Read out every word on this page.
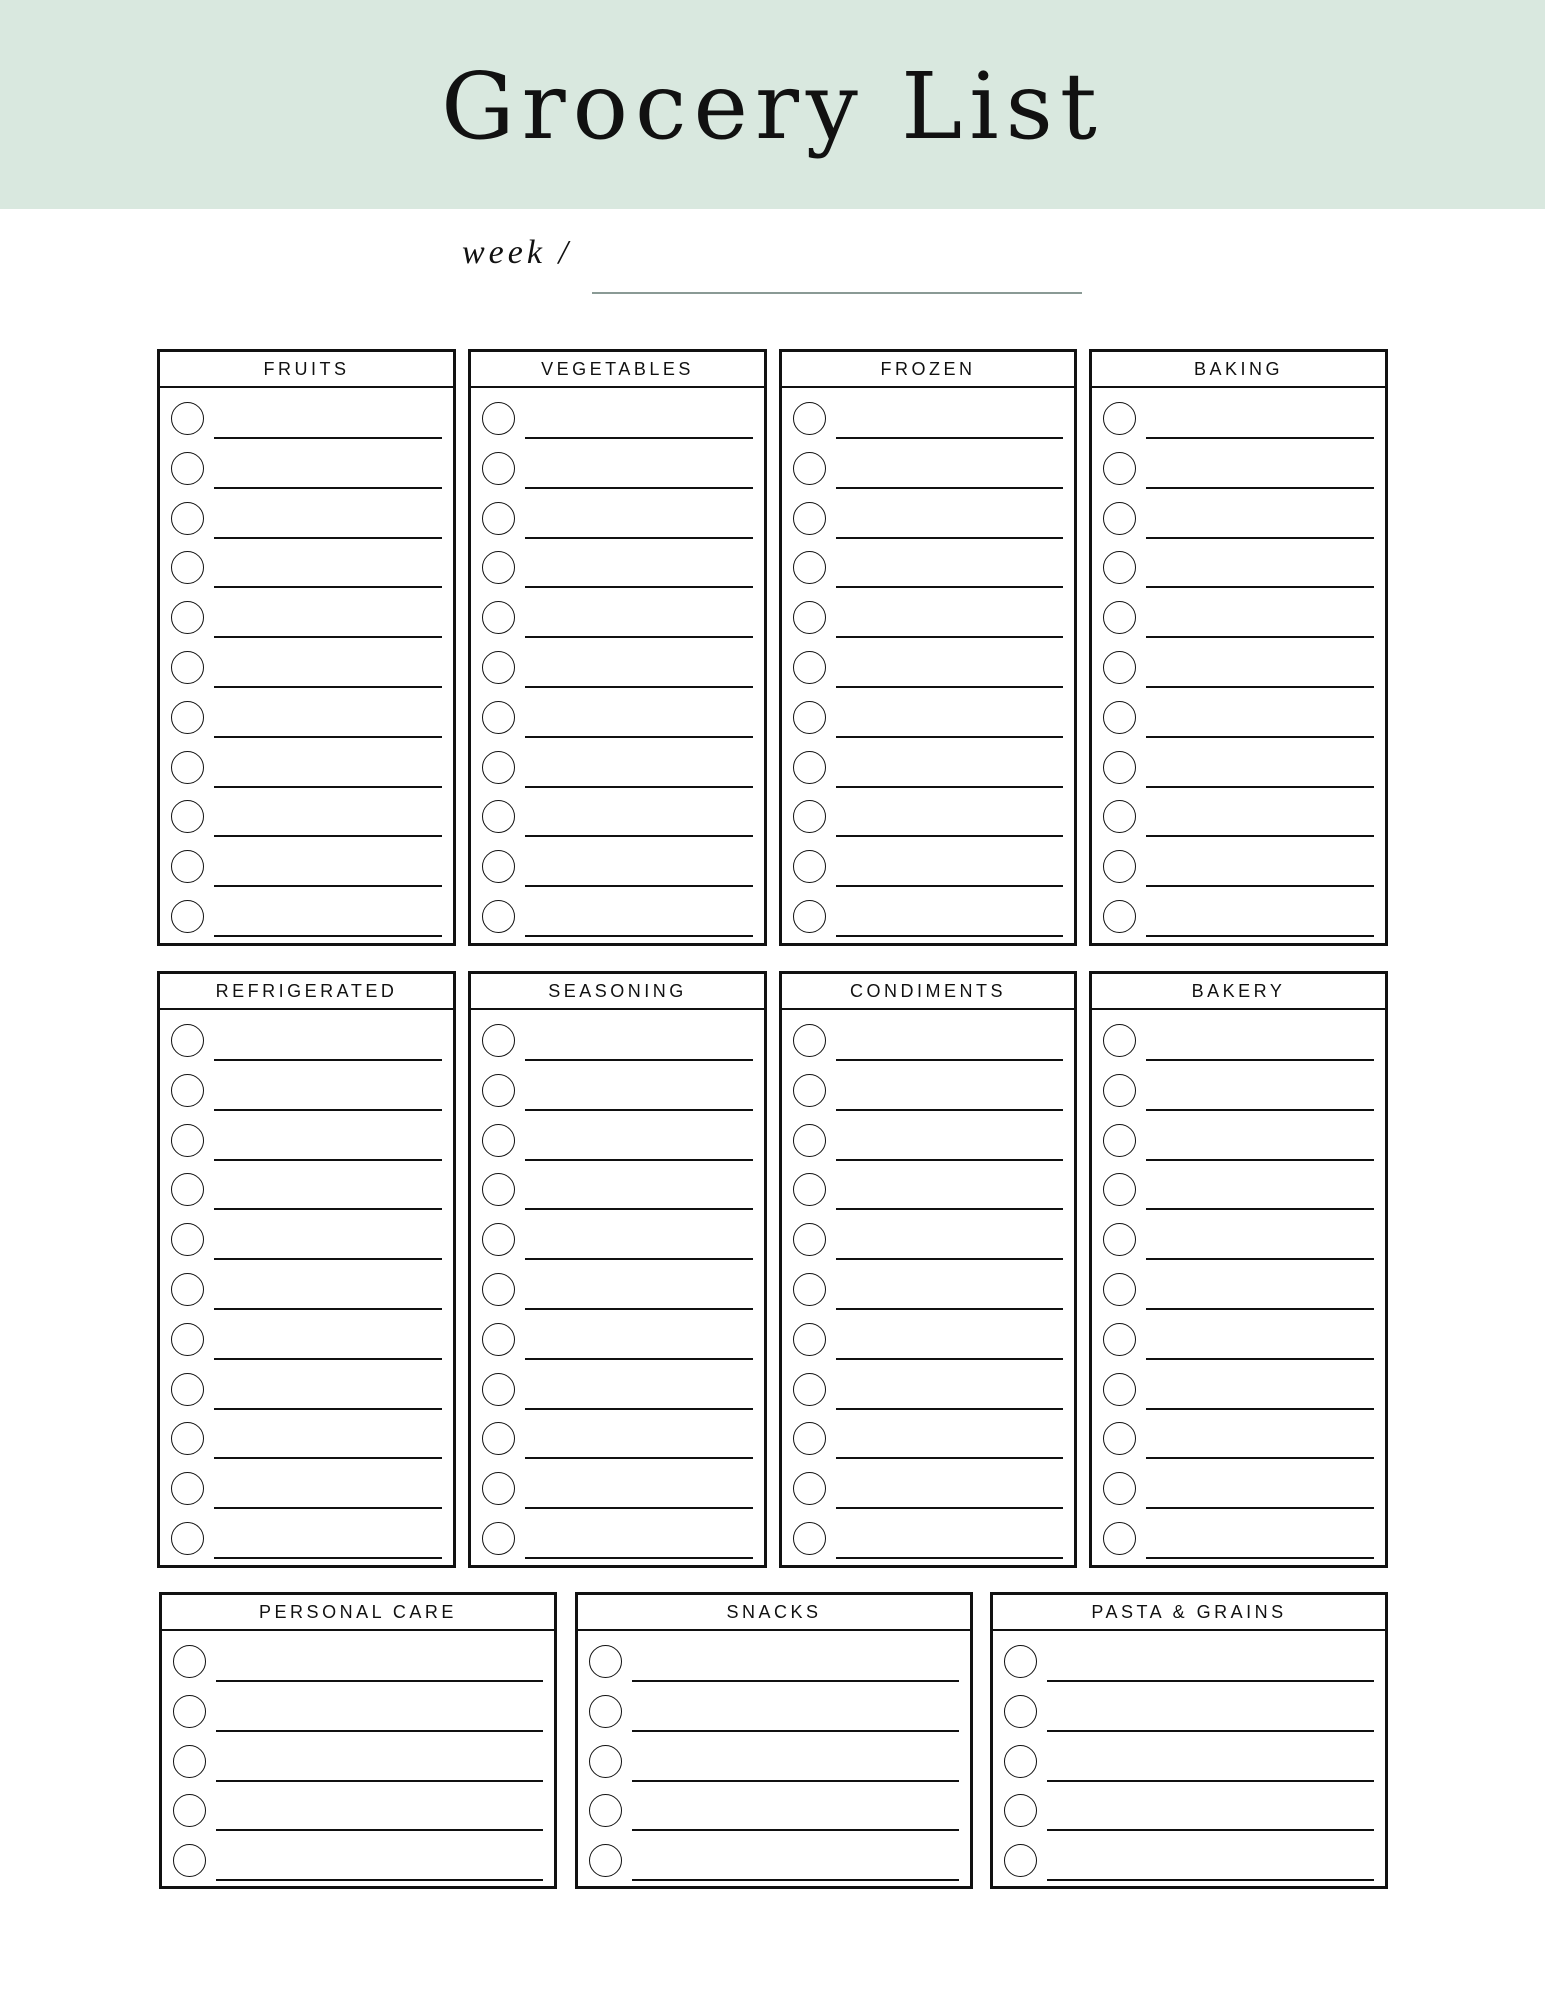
Grocery List
week /
FRUITS	VEGETABLES	FROZEN	BAKING
REFRIGERATED	SEASONING	CONDIMENTS	BAKERY
PERSONAL CARE	SNACKS	PASTA & GRAINS
